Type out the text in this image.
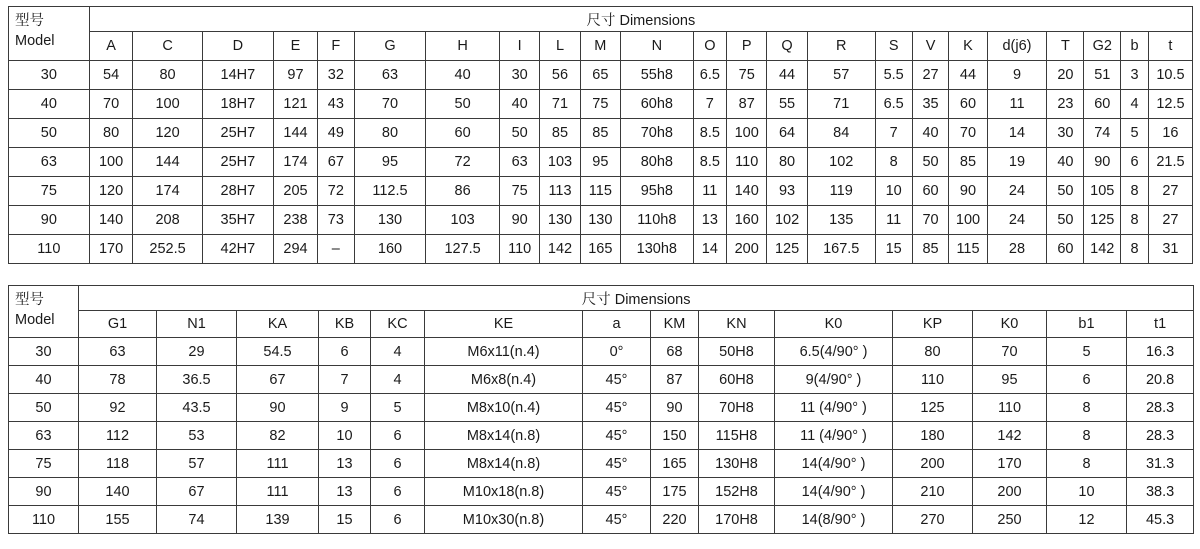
型号
Model	尺寸 Dimensions																						
	A	C	D	E	F	G	H	I	L	M	N	O	P	Q	R	S	V	K	d(j6)	T	G2	b	t
30	54	80	14H7	97	32	63	40	30	56	65	55h8	6.5	75	44	57	5.5	27	44	9	20	51	3	10.5
40	70	100	18H7	121	43	70	50	40	71	75	60h8	7	87	55	71	6.5	35	60	11	23	60	4	12.5
50	80	120	25H7	144	49	80	60	50	85	85	70h8	8.5	100	64	84	7	40	70	14	30	74	5	16
63	100	144	25H7	174	67	95	72	63	103	95	80h8	8.5	110	80	102	8	50	85	19	40	90	6	21.5
75	120	174	28H7	205	72	112.5	86	75	113	115	95h8	11	140	93	119	10	60	90	24	50	105	8	27
90	140	208	35H7	238	73	130	103	90	130	130	110h8	13	160	102	135	11	70	100	24	50	125	8	27
110	170	252.5	42H7	294	–	160	127.5	110	142	165	130h8	14	200	125	167.5	15	85	115	28	60	142	8	31
型号
Model	尺寸 Dimensions													
	G1	N1	KA	KB	KC	KE	a	KM	KN	K0	KP	K0	b1	t1
30	63	29	54.5	6	4	M6x11(n.4)	0°	68	50H8	6.5(4/90° )	80	70	5	16.3
40	78	36.5	67	7	4	M6x8(n.4)	45°	87	60H8	9(4/90° )	110	95	6	20.8
50	92	43.5	90	9	5	M8x10(n.4)	45°	90	70H8	11 (4/90° )	125	110	8	28.3
63	112	53	82	10	6	M8x14(n.8)	45°	150	115H8	11 (4/90° )	180	142	8	28.3
75	118	57	111	13	6	M8x14(n.8)	45°	165	130H8	14(4/90° )	200	170	8	31.3
90	140	67	111	13	6	M10x18(n.8)	45°	175	152H8	14(4/90° )	210	200	10	38.3
110	155	74	139	15	6	M10x30(n.8)	45°	220	170H8	14(8/90° )	270	250	12	45.3
